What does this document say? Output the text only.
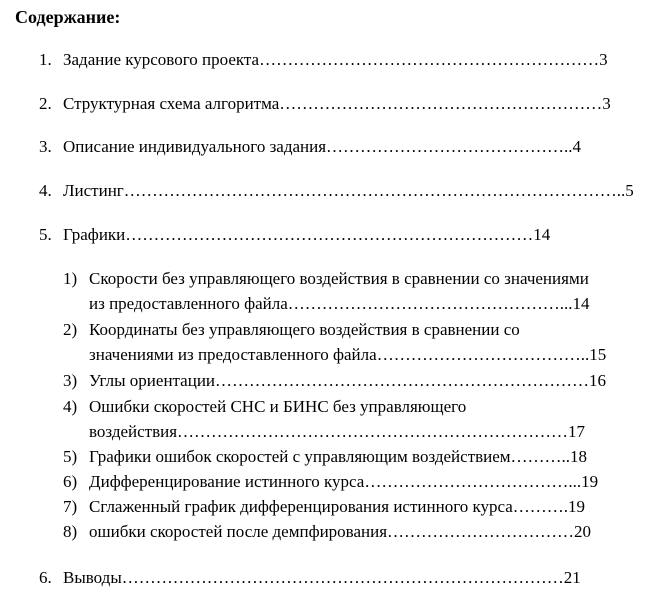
Содержание:
1. Задание курсового проекта……………………………………………………3
2. Структурная схема алгоритма…………………………………………………3
3. Описание индивидуального задания……………………………………..4
4. Листинг……………………………………………………………………………..5
5. Графики………………………………………………………………14
1) Скорости без управляющего воздействия в сравнении со значениями
из предоставленного файла…………………………………………...14
2) Координаты без управляющего воздействия в сравнении со
значениями из предоставленного файла………………………………..15
3) Углы ориентации…………………………………………………………16
4) Ошибки скоростей СНС и БИНС без управляющего
воздействия……………………………………………………………17
5) Графики ошибок скоростей с управляющим воздействием………..18
6) Дифференцирование истинного курса………………………………...19
7) Сглаженный график дифференцирования истинного курса……….19
8) ошибки скоростей после демпфирования……………………………20
6. Выводы……………………………………………………………………21
